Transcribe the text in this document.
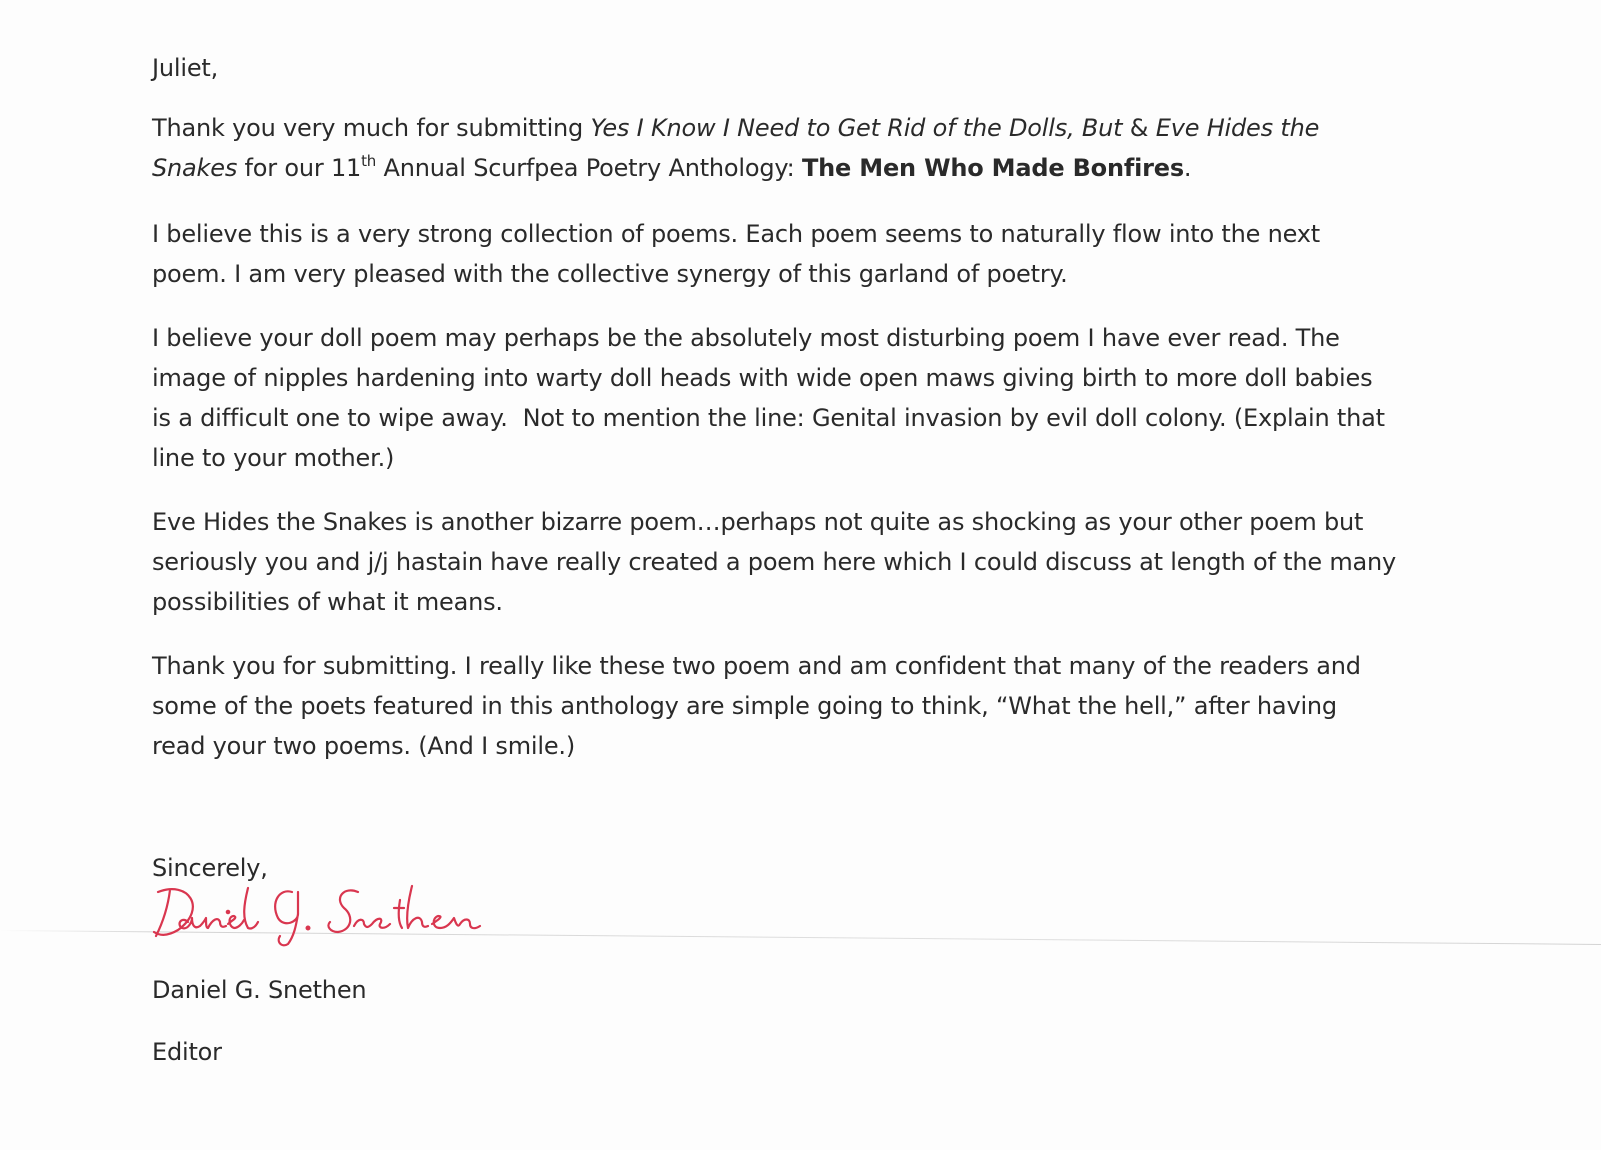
Juliet,

Thank you very much for submitting Yes I Know I Need to Get Rid of the Dolls, But & Eve Hides the

Snakes for our 11th Annual Scurfpea Poetry Anthology: The Men Who Made Bonfires.

I believe this is a very strong collection of poems. Each poem seems to naturally flow into the next

poem. I am very pleased with the collective synergy of this garland of poetry.

I believe your doll poem may perhaps be the absolutely most disturbing poem I have ever read. The

image of nipples hardening into warty doll heads with wide open maws giving birth to more doll babies

is a difficult one to wipe away.  Not to mention the line: Genital invasion by evil doll colony. (Explain that

line to your mother.)

Eve Hides the Snakes is another bizarre poem…perhaps not quite as shocking as your other poem but

seriously you and j/j hastain have really created a poem here which I could discuss at length of the many

possibilities of what it means.

Thank you for submitting. I really like these two poem and am confident that many of the readers and

some of the poets featured in this anthology are simple going to think, “What the hell,” after having

read your two poems. (And I smile.)

Sincerely,

Daniel G. Snethen

Editor
